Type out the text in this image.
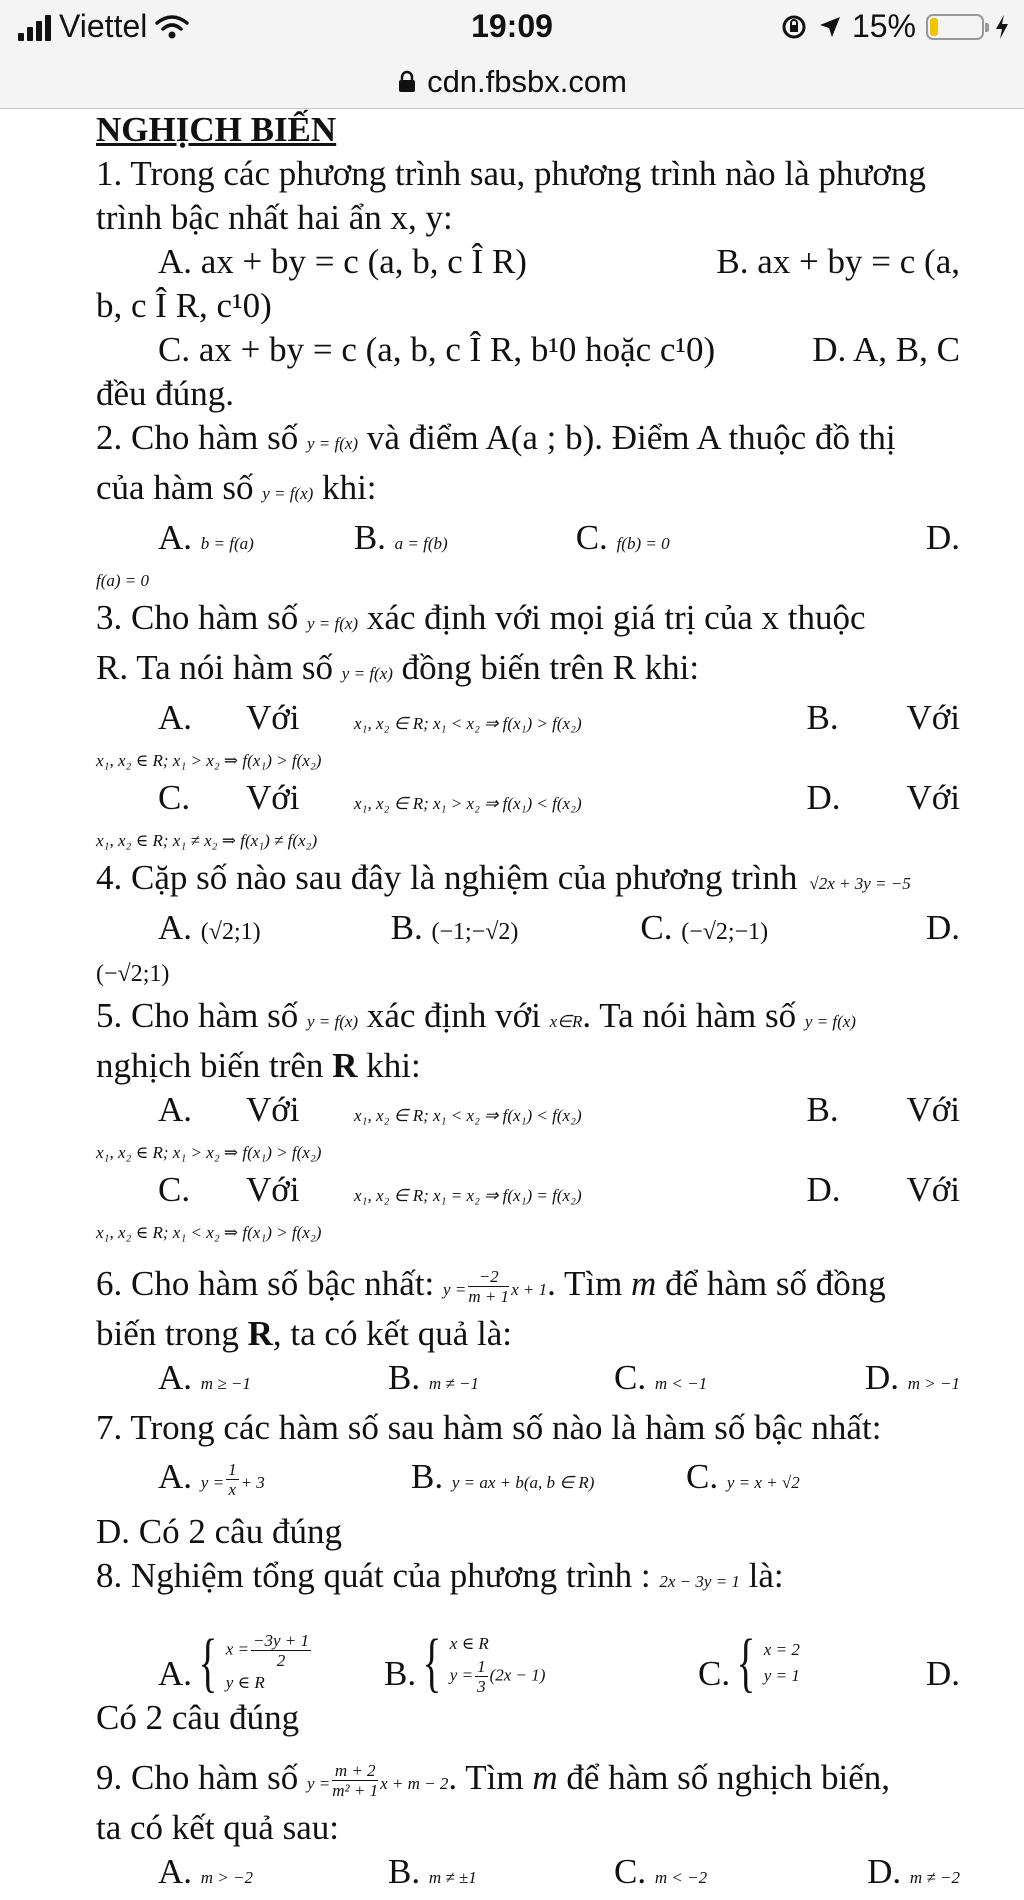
Viettel	19:09	15%
cdn.fbsbx.com

NGHỊCH BIẾN

1. Trong các phương trình sau, phương trình nào là phương

trình bậc nhất hai ẩn x, y:

A. ax + by = c (a, b, c Î R)	B. ax + by = c (a,

b, c Î R, c¹0)

C. ax + by = c (a, b, c Î R, b¹0 hoặc c¹0)	D. A, B, C

đều đúng.

2. Cho hàm số y = f(x) và điểm A(a ; b). Điểm A thuộc đồ thị

của hàm số y = f(x) khi:

A. b = f(a)	B. a = f(b)	C. f(b) = 0	D.

f(a) = 0

3. Cho hàm số y = f(x) xác định với mọi giá trị của x thuộc

R. Ta nói hàm số y = f(x) đồng biến trên R khi:

A.	Với	x₁, x₂ ∈ R; x₁ < x₂ ⇒ f(x₁) > f(x₂)	B.	Với

x₁, x₂ ∈ R; x₁ > x₂ ⇒ f(x₁) > f(x₂)

C.	Với	x₁, x₂ ∈ R; x₁ > x₂ ⇒ f(x₁) < f(x₂)	D.	Với

x₁, x₂ ∈ R; x₁ ≠ x₂ ⇒ f(x₁) ≠ f(x₂)

4. Cặp số nào sau đây là nghiệm của phương trình √2x + 3y = −5
A. (√2;1)	B. (−1;−√2)	C. (−√2;−1)	D.

(−√2;1)

5. Cho hàm số y = f(x) xác định với x∈R. Ta nói hàm số y = f(x)

nghịch biến trên R khi:

A.	Với	x₁, x₂ ∈ R; x₁ < x₂ ⇒ f(x₁) < f(x₂)	B.	Với

x₁, x₂ ∈ R; x₁ > x₂ ⇒ f(x₁) > f(x₂)

C.	Với	x₁, x₂ ∈ R; x₁ = x₂ ⇒ f(x₁) = f(x₂)	D.	Với

x₁, x₂ ∈ R; x₁ < x₂ ⇒ f(x₁) > f(x₂)

6. Cho hàm số bậc nhất: $y = \frac{-2}{m + 1}$ x + 1. Tìm m để hàm số đồng

biến trong R, ta có kết quả là:

A. m ≥ −1	B. m ≠ −1	C. m < −1	D. m > −1

7. Trong các hàm số sau hàm số nào là hàm số bậc nhất:

A. $y = \frac{1}{x} + 3$	B. y = ax + b(a, b ∈ R)	C. y = x + √2

D. Có 2 câu đúng

8. Nghiệm tổng quát của phương trình : 2x − 3y = 1 là:

A. { $x = \frac{-3y + 1}{2}$
y ∈ R	B. { x ∈ R
$y = \frac{1}{3} (2x - 1)$	C. { x = 2
y = 1	D.

Có 2 câu đúng

9. Cho hàm số $y = \frac{m + 2}{\text{m² + 1}}$ x + m − 2. Tìm m để hàm số nghịch biến,

ta có kết quả sau:

A. m > −2	B. m ≠ ±1	C. m < −2	D. m ≠ −2
